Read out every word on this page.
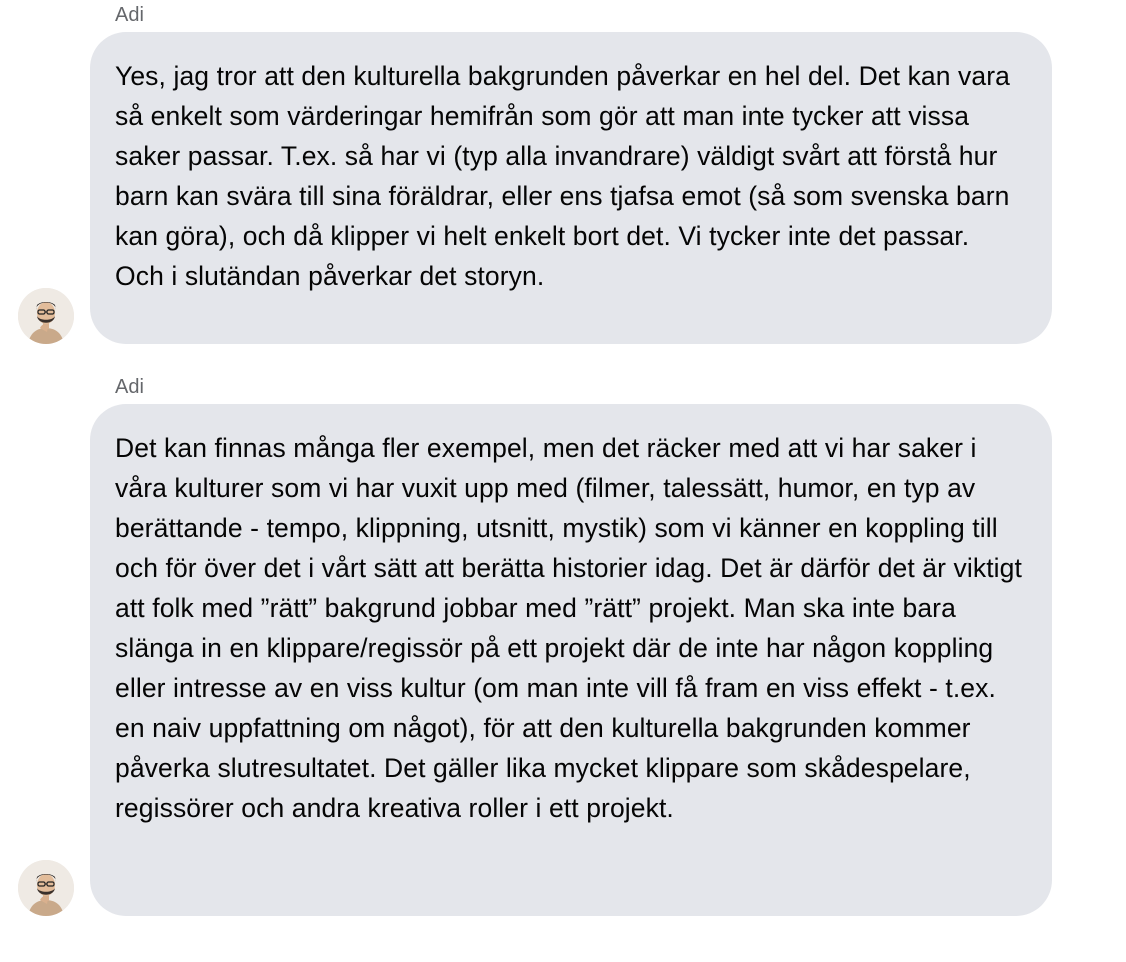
Adi

Yes, jag tror att den kulturella bakgrunden påverkar en hel del. Det kan vara så enkelt som värderingar hemifrån som gör att man inte tycker att vissa saker passar. T.ex. så har vi (typ alla invandrare) väldigt svårt att förstå hur barn kan svära till sina föräldrar, eller ens tjafsa emot (så som svenska barn kan göra), och då klipper vi helt enkelt bort det. Vi tycker inte det passar. Och i slutändan påverkar det storyn.

Adi

Det kan finnas många fler exempel, men det räcker med att vi har saker i våra kulturer som vi har vuxit upp med (filmer, talessätt, humor, en typ av berättande - tempo, klippning, utsnitt, mystik) som vi känner en koppling till och för över det i vårt sätt att berätta historier idag. Det är därför det är viktigt att folk med ”rätt” bakgrund jobbar med ”rätt” projekt. Man ska inte bara slänga in en klippare/regissör på ett projekt där de inte har någon koppling eller intresse av en viss kultur (om man inte vill få fram en viss effekt - t.ex. en naiv uppfattning om något), för att den kulturella bakgrunden kommer påverka slutresultatet. Det gäller lika mycket klippare som skådespelare, regissörer och andra kreativa roller i ett projekt.
